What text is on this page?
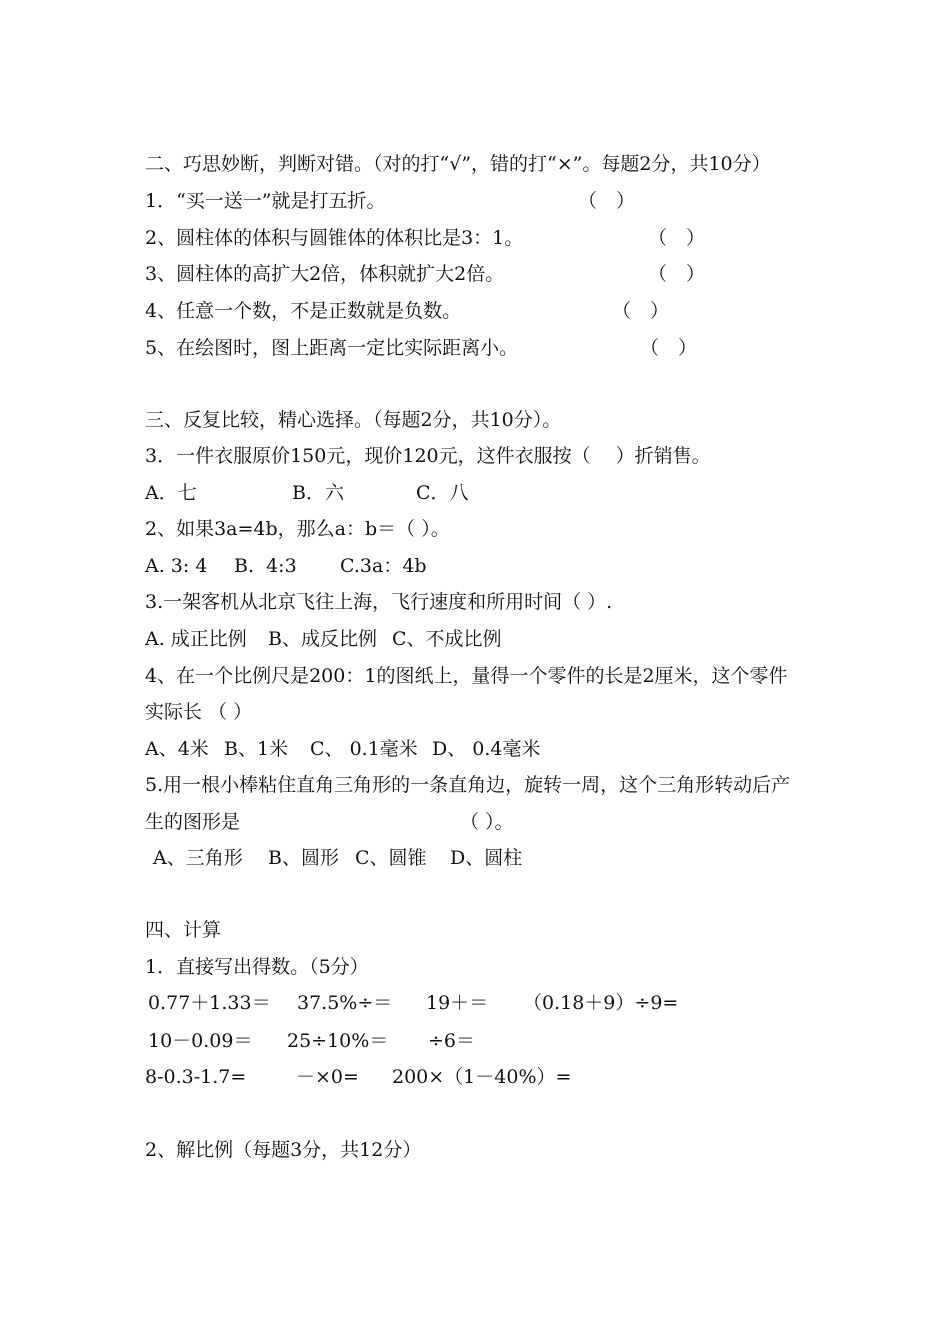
二、巧思妙断，判断对错。（对的打“√”，错的打“×”。每题2分，共10分）
1．“买一送一”就是打五折。	（　）
2、圆柱体的体积与圆锥体的体积比是3：1。	（　）
3、圆柱体的高扩大2倍，体积就扩大2倍。	（　）
4、任意一个数，不是正数就是负数。	（　）
5、在绘图时，图上距离一定比实际距离小。	（　）
三、反复比较，精心选择。（每题2分，共10分）。
3．一件衣服原价150元，现价120元，这件衣服按（　 ）折销售。
A．七	B．六	C．八
2、如果3a=4b，那么a：b＝（ ）。
A. 3: 4 B.  4:3 C.3a：4b
3.一架客机从北京飞往上海，飞行速度和所用时间（ ）.
A. 成正比例 B、成反比例 C、不成比例
4、在一个比例尺是200：1的图纸上，量得一个零件的长是2厘米，这个零件
实际长 （ ）
A、4米 B、1米 C、 0.1毫米 D、 0.4毫米
5.用一根小棒粘住直角三角形的一条直角边，旋转一周，这个三角形转动后产
生的图形是	（ ）。
A、三角形 B、圆形 C、圆锥 D、圆柱
四、计算
1．直接写出得数。（5分）
0.77＋1.33＝ 37.5%÷＝ 19＋＝ （0.18＋9）÷9=
10－0.09＝ 25÷10%＝ ÷6＝
8-0.3-1.7=	－×0= 200×（1－40%）=
2、解比例（每题3分，共12分）
